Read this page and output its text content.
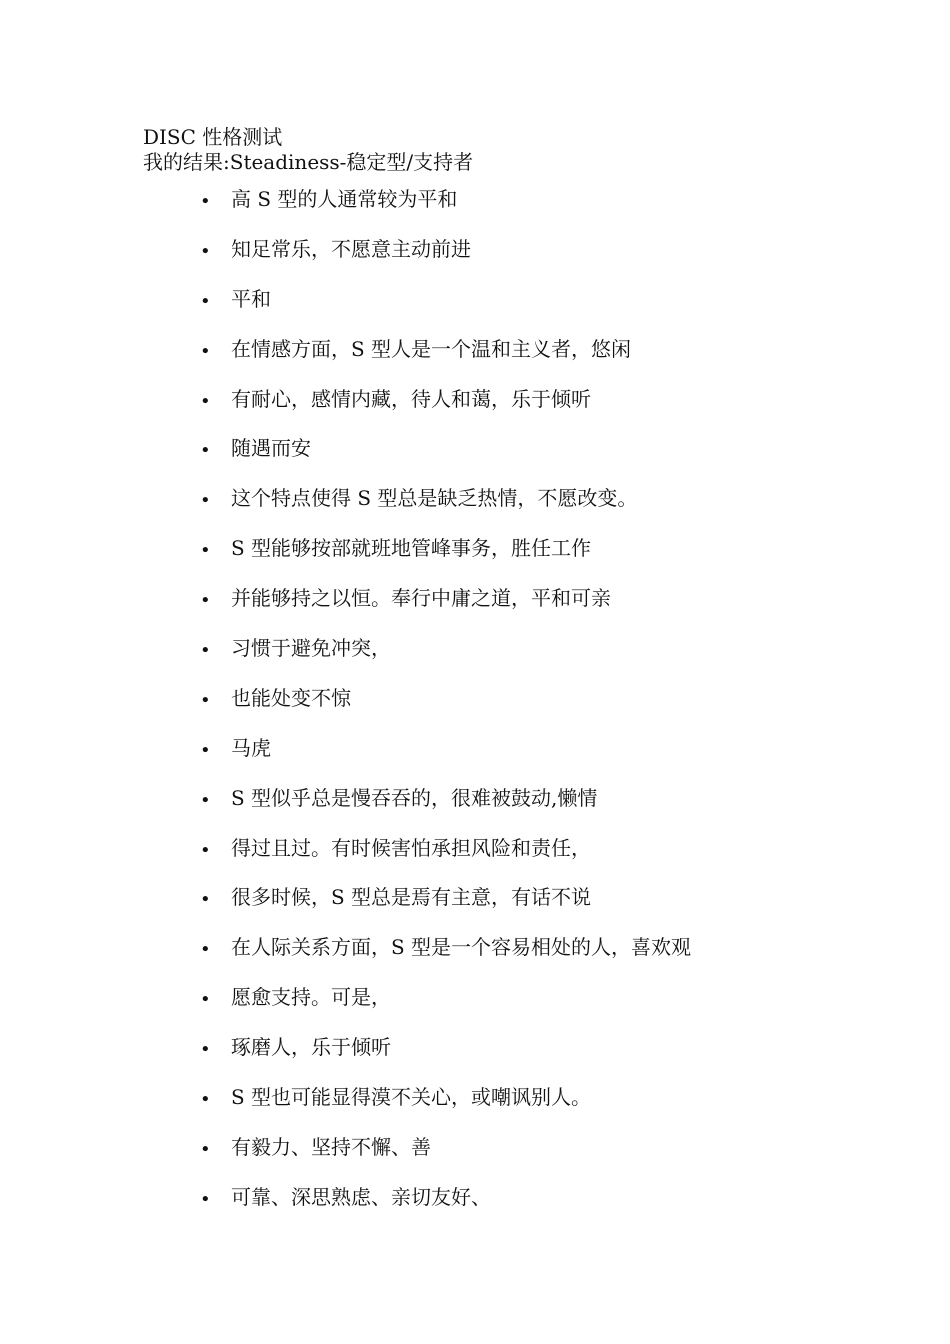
DISC 性格测试
我的结果:Steadiness-稳定型/支持者
• 高 S 型的人通常较为平和
• 知足常乐，不愿意主动前进
• 平和
• 在情感方面，S 型人是一个温和主义者，悠闲
• 有耐心，感情内藏，待人和蔼，乐于倾听
• 随遇而安
• 这个特点使得 S 型总是缺乏热情，不愿改变。
• S 型能够按部就班地管峰事务，胜任工作
• 并能够持之以恒。奉行中庸之道，平和可亲
• 习惯于避免冲突，
• 也能处变不惊
• 马虎
• S 型似乎总是慢吞吞的，很难被鼓动,懒情
• 得过且过。有时候害怕承担风险和责任，
• 很多时候，S 型总是焉有主意，有话不说
• 在人际关系方面，S 型是一个容易相处的人，喜欢观
• 愿愈支持。可是，
• 琢磨人，乐于倾听
• S 型也可能显得漠不关心，或嘲讽别人。
• 有毅力、坚持不懈、善
• 可靠、深思熟虑、亲切友好、
